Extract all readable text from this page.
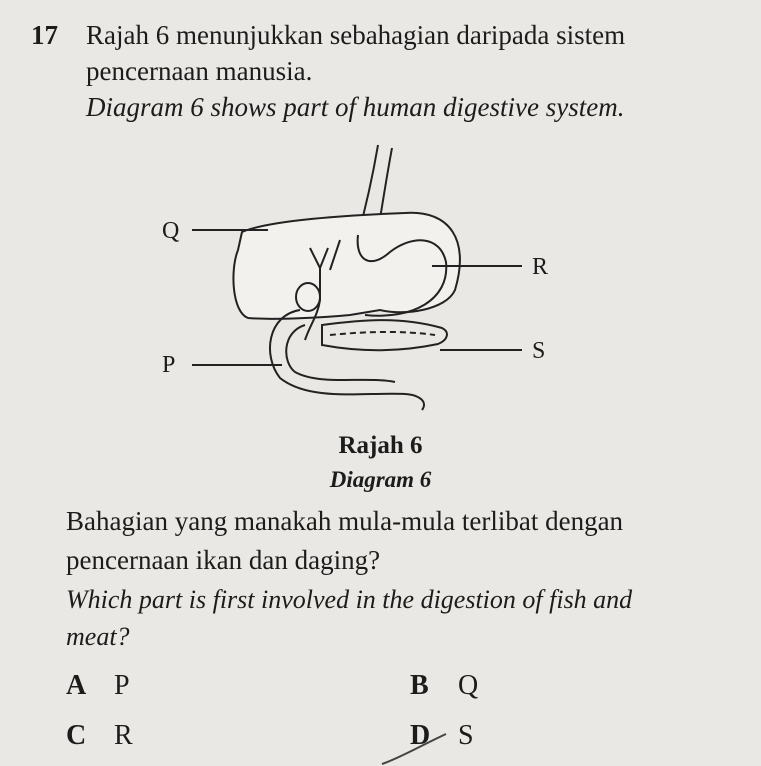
17 Rajah 6 menunjukkan sebahagian daripada sistem
pencernaan manusia.
Diagram 6 shows part of human digestive system.
Q
R
P
S
Rajah 6
Diagram 6
Bahagian yang manakah mula-mula terlibat dengan
pencernaan ikan dan daging?
Which part is first involved in the digestion of fish and
meat?
A P	B Q
C R	D S
